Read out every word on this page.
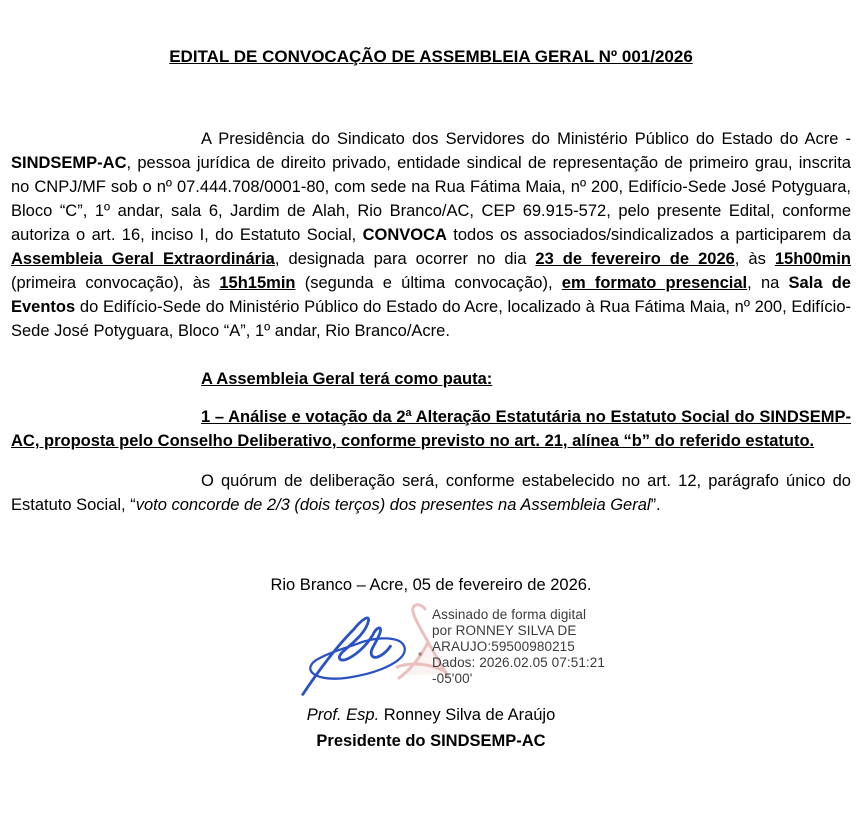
EDITAL DE CONVOCAÇÃO DE ASSEMBLEIA GERAL Nº 001/2026

A Presidência do Sindicato dos Servidores do Ministério Público do Estado do Acre - SINDSEMP-AC, pessoa jurídica de direito privado, entidade sindical de representação de primeiro grau, inscrita no CNPJ/MF sob o nº 07.444.708/0001-80, com sede na Rua Fátima Maia, nº 200, Edifício-Sede José Potyguara, Bloco “C”, 1º andar, sala 6, Jardim de Alah, Rio Branco/AC, CEP 69.915-572, pelo presente Edital, conforme autoriza o art. 16, inciso I, do Estatuto Social, CONVOCA todos os associados/sindicalizados a participarem da Assembleia Geral Extraordinária, designada para ocorrer no dia 23 de fevereiro de 2026, às 15h00min (primeira convocação), às 15h15min (segunda e última convocação), em formato presencial, na Sala de Eventos do Edifício-Sede do Ministério Público do Estado do Acre, localizado à Rua Fátima Maia, nº 200, Edifício-Sede José Potyguara, Bloco “A”, 1º andar, Rio Branco/Acre.

A Assembleia Geral terá como pauta:

1 – Análise e votação da 2ª Alteração Estatutária no Estatuto Social do SINDSEMP-AC, proposta pelo Conselho Deliberativo, conforme previsto no art. 21, alínea “b” do referido estatuto.

O quórum de deliberação será, conforme estabelecido no art. 12, parágrafo único do Estatuto Social, “voto concorde de 2/3 (dois terços) dos presentes na Assembleia Geral”.

Rio Branco – Acre, 05 de fevereiro de 2026.

Assinado de forma digital
por RONNEY SILVA DE
ARAUJO:59500980215
Dados: 2026.02.05 07:51:21
-05'00'

Prof. Esp. Ronney Silva de Araújo

Presidente do SINDSEMP-AC
